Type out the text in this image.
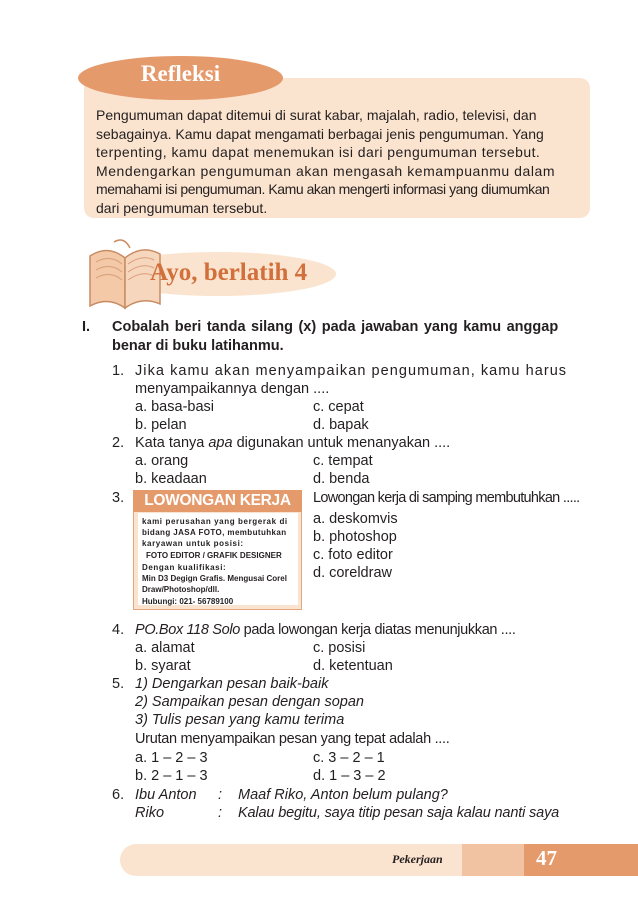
Refleksi

Pengumuman dapat ditemui di surat kabar, majalah, radio, televisi, dan

sebagainya. Kamu dapat mengamati berbagai jenis pengumuman. Yang

terpenting, kamu dapat menemukan isi dari pengumuman tersebut.

Mendengarkan pengumuman akan mengasah kemampuanmu dalam

memahami isi pengumuman. Kamu akan mengerti informasi yang diumumkan

dari pengumuman tersebut.

Ayo, berlatih 4
I. Cobalah beri tanda silang (x) pada jawaban yang kamu anggap
benar di buku latihanmu.
1. Jika kamu akan menyampaikan pengumuman, kamu harus
menyampaikannya dengan ....
a. basa-basi
b. pelan
c. cepat
d. bapak
2. Kata tanya apa digunakan untuk menanyakan ....
a. orang
b. keadaan
c. tempat
d. benda
3.	LOWONGAN KERJA
kami perusahan yang bergerak di
bidang JASA FOTO, membutuhkan
karyawan untuk posisi:
FOTO EDITOR / GRAFIK DESIGNER
Dengan kualifikasi:
Min D3 Degign Grafis. Mengusai Corel
Draw/Photoshop/dll.
Hubungi: 021- 56789100
Lowongan kerja di samping membutuhkan .....
a. deskomvis
b. photoshop
c. foto editor
d. coreldraw
4. PO.Box 118 Solo pada lowongan kerja diatas menunjukkan ....
a. alamat
b. syarat
c. posisi
d. ketentuan
5. 1) Dengarkan pesan baik-baik
2) Sampaikan pesan dengan sopan
3) Tulis pesan yang kamu terima
Urutan menyampaikan pesan yang tepat adalah ....
a. 1 – 2 – 3
b. 2 – 1 – 3
c. 3 – 2 – 1
d. 1 – 3 – 2
6. Ibu Anton : Maaf Riko, Anton belum pulang?
Riko	: Kalau begitu, saya titip pesan saja kalau nanti saya
Pekerjaan	47
